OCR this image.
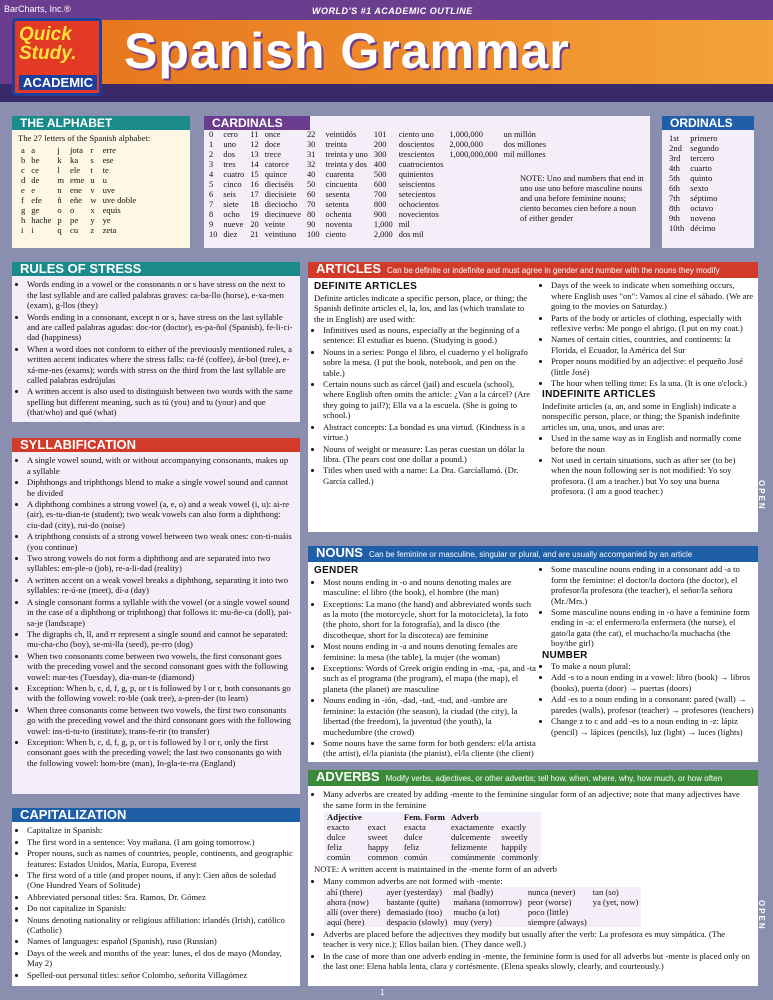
BarCharts, Inc.®	WORLD'S #1 ACADEMIC OUTLINE
Quick Study.
ACADEMIC
Spanish Grammar
THE ALPHABET
The 27 letters of the Spanish alphabet:
a	a	j	jota	r	erre
b	be	k	ka	s	ese
c	ce	l	ele	t	te
d	de	m	eme	u	u
e	e	n	ene	v	uve
f	efe	ñ	eñe	w	uve doble
g	ge	o	o	x	equis
h	hache	p	pe	y	ye
i	i	q	cu	z	zeta
CARDINALS
0	cero	11	once	22	veintidós	101	ciento uno	1,000,000	un millón
1	uno	12	doce	30	treinta	200	doscientos	2,000,000	dos millones
2	dos	13	trece	31	treinta y uno	300	trescientos	1,000,000,000	mil millones
3	tres	14	catorce	32	treinta y dos	400	cuatrocientos		
4	cuatro	15	quince	40	cuarenta	500	quinientos		
5	cinco	16	dieciséis	50	cincuenta	600	seiscientos		
6	seis	17	diecisiete	60	sesenta	700	setecientos		
7	siete	18	dieciocho	70	setenta	800	ochocientos		
8	ocho	19	diecinueve	80	ochenta	900	novecientos		
9	nueve	20	veinte	90	noventa	1,000	mil		
10	diez	21	veintiuno	100	ciento	2,000	dos mil		
NOTE: Uno and numbers that end in uno use uno before masculine nouns and una before feminine nouns; ciento becomes cien before a noun of either gender
ORDINALS
1st	primero
2nd	segundo
3rd	tercero
4th	cuarto
5th	quinto
6th	sexto
7th	séptimo
8th	octavo
9th	noveno
10th	décimo
RULES OF STRESS
• Words ending in a vowel or the consonants n or s have stress on the next to the last syllable and are called palabras graves: ca-ba-llo (horse), e-xa-men (exam), g-llos (they)
• Words ending in a consonant, except n or s, have stress on the last syllable and are called palabras agudas: doc-tor (doctor), es-pa-ñol (Spanish), fe-li-ci-dad (happiness)
• When a word does not conform to either of the previously mentioned rules, a written accent indicates where the stress falls: ca-fé (coffee), ár-bol (tree), e-xá-me-nes (exams); words with stress on the third from the last syllable are called palabras esdrújulas
• A written accent is also used to distinguish between two words with the same spelling but different meaning, such as tú (you) and tu (your) and que (that/who) and qué (what)
SYLLABIFICATION
• A single vowel sound, with or without accompanying consonants, makes up a syllable
• Diphthongs and triphthongs blend to make a single vowel sound and cannot be divided
• A diphthong combines a strong vowel (a, e, o) and a weak vowel (i, u): ai-re (air), es-tu-dian-te (student); two weak vowels can also form a diphthong: ciu-dad (city), rui-do (noise)
• A triphthong consists of a strong vowel between two weak ones: con-ti-nuáis (you continue)
• Two strong vowels do not form a diphthong and are separated into two syllables: em-ple-o (job), re-a-li-dad (reality)
• A written accent on a weak vowel breaks a diphthong, separating it into two syllables: re-ú-ne (meet), dí-a (day)
• A single consonant forms a syllable with the vowel (or a single vowel sound in the case of a diphthong or triphthong) that follows it: mu-ñe-ca (doll), pai-sa-je (landscape)
• The digraphs ch, ll, and rr represent a single sound and cannot be separated: mu-cha-cho (boy), se-mi-lla (seed), pe-rro (dog)
• When two consonants come between two vowels, the first consonant goes with the preceding vowel and the second consonant goes with the following vowel: mar-tes (Tuesday), dia-man-te (diamond)
• Exception: When b, c, d, f, g, p, or t is followed by l or r, both consonants go with the following vowel: ro-ble (oak tree), a-pren-der (to learn)
• When three consonants come between two vowels, the first two consonants go with the preceding vowel and the third consonant goes with the following vowel: ins-ti-tu-to (institute), trans-fe-rir (to transfer)
• Exception: When b, c, d, f, g, p, or t is followed by l or r, only the first consonant goes with the preceding vowel; the last two consonants go with the following vowel: hom-bre (man), In-gla-te-rra (England)
CAPITALIZATION
• Capitalize in Spanish:
• The first word in a sentence: Voy mañana. (I am going tomorrow.)
• Proper nouns, such as names of countries, people, continents, and geographic features: Estados Unidos, María, Europa, Everest
• The first word of a title (and proper nouns, if any): Cien años de soledad (One Hundred Years of Solitude)
• Abbreviated personal titles: Sra. Ramos, Dr. Gómez
• Do not capitalize in Spanish:
• Nouns denoting nationality or religious affiliation: irlandés (Irish), católico (Catholic)
• Names of languages: español (Spanish), ruso (Russian)
• Days of the week and months of the year: lunes, el dos de mayo (Monday, May 2)
• Spelled-out personal titles: señor Colombo, señorita Villagómez
ARTICLES Can be definite or indefinite and must agree in gender and number with the nouns they modify
DEFINITE ARTICLES
Definite articles indicate a specific person, place, or thing; the Spanish definite articles el, la, los, and las (which translate to the in English) are used with:
• Infinitives used as nouns, especially at the beginning of a sentence: El estudiar es bueno. (Studying is good.)
• Nouns in a series: Pongo el libro, el cuaderno y el bolígrafo sobre la mesa. (I put the book, notebook, and pen on the table.)
• Certain nouns such as cárcel (jail) and escuela (school), where English often omits the article: ¿Van a la cárcel? (Are they going to jail?); Ella va a la escuela. (She is going to school.)
• Abstract concepts: La bondad es una virtud. (Kindness is a virtue.)
• Nouns of weight or measure: Las peras cuestan un dólar la libra. (The pears cost one dollar a pound.)
• Titles when used with a name: La Dra. Garcíallamó. (Dr. García called.)
• Days of the week to indicate when something occurs, where English uses "on": Vamos al cine el sábado. (We are going to the movies on Saturday.)
• Parts of the body or articles of clothing, especially with reflexive verbs: Me pongo el abrigo. (I put on my coat.)
• Names of certain cities, countries, and continents: la Florida, el Ecuador, la América del Sur
• Proper nouns modified by an adjective: el pequeño José (little José)
• The hour when telling time: Es la una. (It is one o'clock.)
INDEFINITE ARTICLES
Indefinite articles (a, an, and some in English) indicate a nonspecific person, place, or thing; the Spanish indefinite articles un, una, unos, and unas are:
• Used in the same way as in English and normally come before the noun
• Not used in certain situations, such as after ser (to be) when the noun following ser is not modified: Yo soy profesora. (I am a teacher.) but Yo soy una buena profesora. (I am a good teacher.)
NOUNS Can be feminine or masculine, singular or plural, and are usually accompanied by an article
GENDER
• Most nouns ending in -o and nouns denoting males are masculine: el libro (the book), el hombre (the man)
• Exceptions: La mano (the hand) and abbreviated words such as la moto (the motorcycle, short for la motocicleta), la foto (the photo, short for la fotografía), and la disco (the discotheque, short for la discoteca) are feminine
• Most nouns ending in -a and nouns denoting females are feminine: la mesa (the table), la mujer (the woman)
• Exceptions: Words of Greek origin ending in -ma, -pa, and -ta such as el programa (the program), el mapa (the map), el planeta (the planet) are masculine
• Nouns ending in -ión, -dad, -tad, -tud, and -umbre are feminine: la estación (the season), la ciudad (the city), la libertad (the freedom), la juventud (the youth), la muchedumbre (the crowd)
• Some nouns have the same form for both genders: el/la artista (the artist), el/la pianista (the pianist), el/la cliente (the client)
• Some masculine nouns ending in a consonant add -a to form the feminine: el doctor/la doctora (the doctor), el profesor/la profesora (the teacher), el señor/la señora (Mr./Mrs.)
• Some masculine nouns ending in -o have a feminine form ending in -a: el enfermero/la enfermera (the nurse), el gato/la gata (the cat), el muchacho/la muchacha (the boy/the girl)
NUMBER
• To make a noun plural:
• Add -s to a noun ending in a vowel: libro (book) → libros (books), puerta (door) → puertas (doors)
• Add -es to a noun ending in a consonant: pared (wall) → paredes (walls), profesor (teacher) → profesores (teachers)
• Change z to c and add -es to a noun ending in -z: lápiz (pencil) → lápices (pencils), luz (light) → luces (lights)
ADVERBS Modify verbs, adjectives, or other adverbs; tell how, when, where, why, how much, or how often
• Many adverbs are created by adding -mente to the feminine singular form of an adjective; note that many adjectives have the same form in the feminine
Adjective		Fem. Form	Adverb	
exacto	exact	exacta	exactamente	exactly
dulce	sweet	dulce	dulcemente	sweetly
feliz	happy	feliz	felizmente	happily
común	common	común	comúnmente	commonly
NOTE: A written accent is maintained in the -mente form of an adverb
• Many common adverbs are not formed with -mente:
ahí (there)	ayer (yesterday)	mal (badly)	nunca (never)	tan (so)
ahora (now)	bastante (quite)	mañana (tomorrow)	peor (worse)	ya (yet, now)
allí (over there)	demasiado (too)	mucho (a lot)	poco (little)	
aquí (here)	despacio (slowly)	muy (very)	siempre (always)	
• Adverbs are placed before the adjectives they modify but usually after the verb: La profesora es muy simpática. (The teacher is very nice.); Ellos bailan bien. (They dance well.)
• In the case of more than one adverb ending in -mente, the feminine form is used for all adverbs but -mente is placed only on the last one: Elena habla lenta, clara y cortésmente. (Elena speaks slowly, clearly, and courteously.)
OPEN
OPEN
1
